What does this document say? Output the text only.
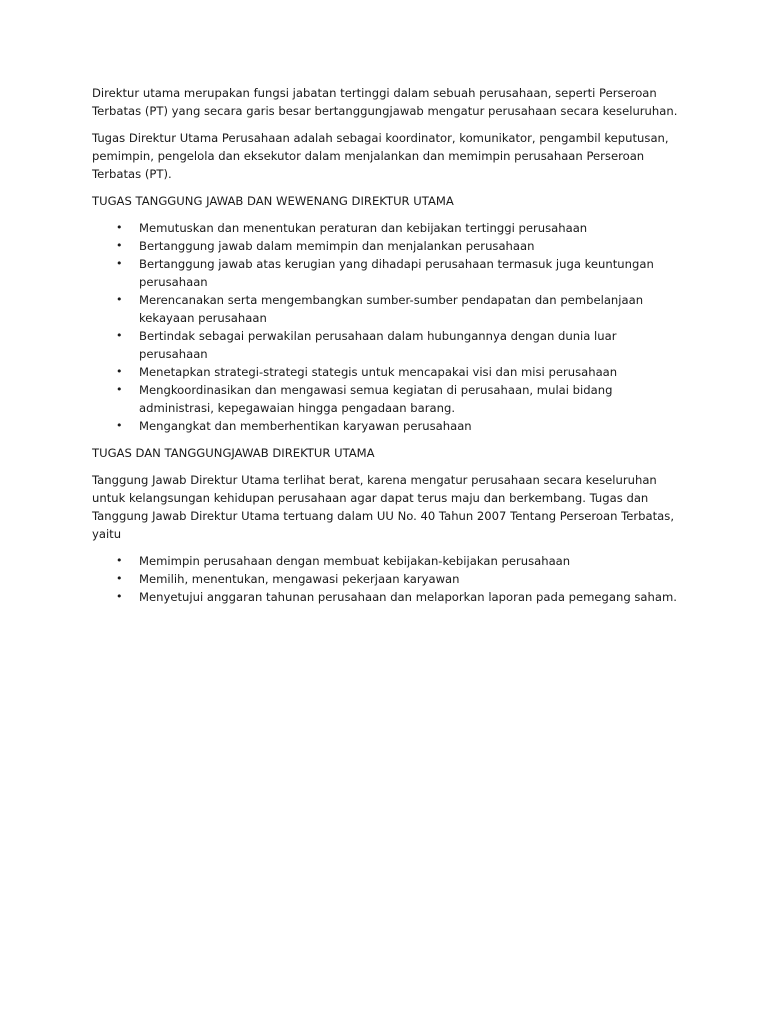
Direktur utama merupakan fungsi jabatan tertinggi dalam sebuah perusahaan, seperti Perseroan Terbatas (PT) yang secara garis besar bertanggungjawab mengatur perusahaan secara keseluruhan.

Tugas Direktur Utama Perusahaan adalah sebagai koordinator, komunikator, pengambil keputusan, pemimpin, pengelola dan eksekutor dalam menjalankan dan memimpin perusahaan Perseroan Terbatas (PT).

TUGAS TANGGUNG JAWAB DAN WEWENANG DIREKTUR UTAMA

• Memutuskan dan menentukan peraturan dan kebijakan tertinggi perusahaan
• Bertanggung jawab dalam memimpin dan menjalankan perusahaan
• Bertanggung jawab atas kerugian yang dihadapi perusahaan termasuk juga keuntungan perusahaan
• Merencanakan serta mengembangkan sumber-sumber pendapatan dan pembelanjaan kekayaan perusahaan
• Bertindak sebagai perwakilan perusahaan dalam hubungannya dengan dunia luar perusahaan
• Menetapkan strategi-strategi stategis untuk mencapakai visi dan misi perusahaan
• Mengkoordinasikan dan mengawasi semua kegiatan di perusahaan, mulai bidang administrasi, kepegawaian hingga pengadaan barang.
• Mengangkat dan memberhentikan karyawan perusahaan

TUGAS DAN TANGGUNGJAWAB DIREKTUR UTAMA

Tanggung Jawab Direktur Utama terlihat berat, karena mengatur perusahaan secara keseluruhan untuk kelangsungan kehidupan perusahaan agar dapat terus maju dan berkembang. Tugas dan Tanggung Jawab Direktur Utama tertuang dalam UU No. 40 Tahun 2007 Tentang Perseroan Terbatas, yaitu

• Memimpin perusahaan dengan membuat kebijakan-kebijakan perusahaan
• Memilih, menentukan, mengawasi pekerjaan karyawan
• Menyetujui anggaran tahunan perusahaan dan melaporkan laporan pada pemegang saham.
